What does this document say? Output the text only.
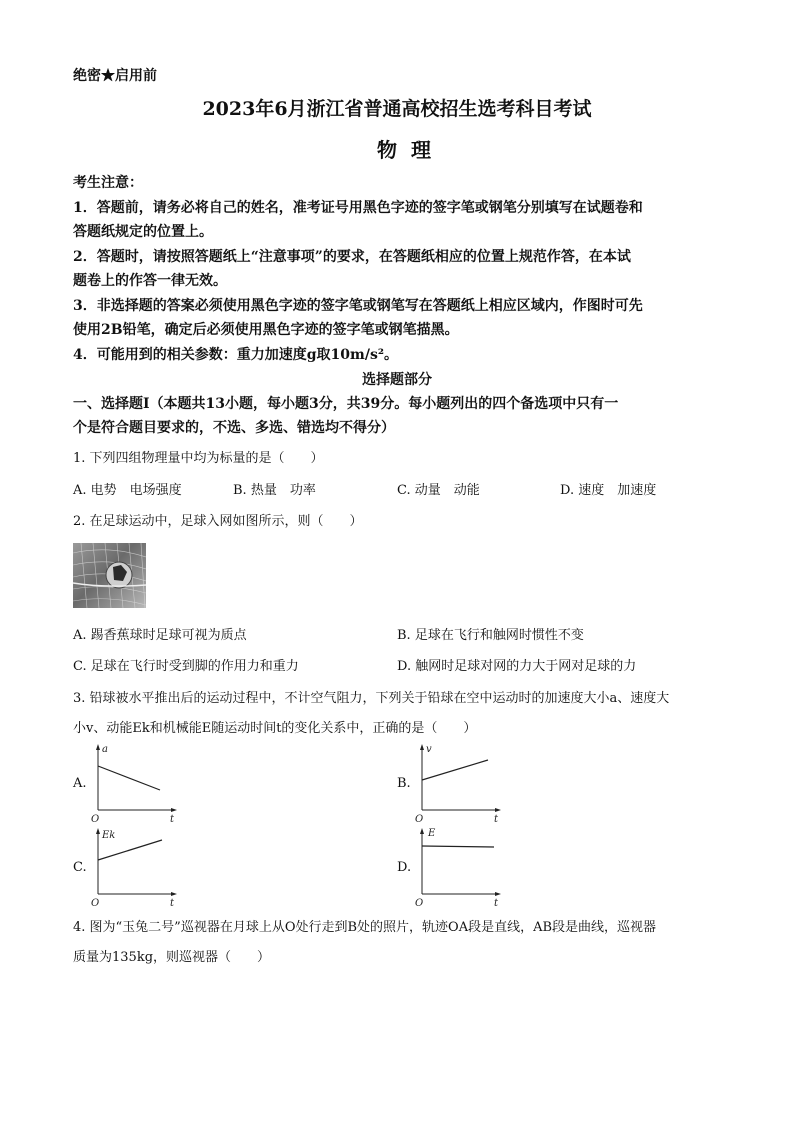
绝密★启用前
2023年6月浙江省普通高校招生选考科目考试
物理
考生注意：
1．答题前，请务必将自己的姓名，准考证号用黑色字迹的签字笔或钢笔分别填写在试题卷和
答题纸规定的位置上。
2．答题时，请按照答题纸上“注意事项”的要求，在答题纸相应的位置上规范作答，在本试
题卷上的作答一律无效。
3．非选择题的答案必须使用黑色字迹的签字笔或钢笔写在答题纸上相应区域内，作图时可先
使用2B铅笔，确定后必须使用黑色字迹的签字笔或钢笔描黑。
4．可能用到的相关参数：重力加速度g取10m/s²。
选择题部分
一、选择题Ⅰ（本题共13小题，每小题3分，共39分。每小题列出的四个备选项中只有一
个是符合题目要求的，不选、多选、错选均不得分）
1. 下列四组物理量中均为标量的是（　　）
A. 电势　电场强度	B. 热量　功率	C. 动量　动能	D. 速度　加速度
2. 在足球运动中，足球入网如图所示，则（　　）
A. 踢香蕉球时足球可视为质点	B. 足球在飞行和触网时惯性不变
C. 足球在飞行时受到脚的作用力和重力	D. 触网时足球对网的力大于网对足球的力
3. 铅球被水平推出后的运动过程中，不计空气阻力，下列关于铅球在空中运动时的加速度大小a、速度大
小v、动能Ek和机械能E随运动时间t的变化关系中，正确的是（　　）
A.
a
t
O
B.
v
t
O
C.
Ek
t
O
D.
E
t
O
4. 图为“玉兔二号”巡视器在月球上从O处行走到B处的照片，轨迹OA段是直线，AB段是曲线，巡视器
质量为135kg，则巡视器（　　）
